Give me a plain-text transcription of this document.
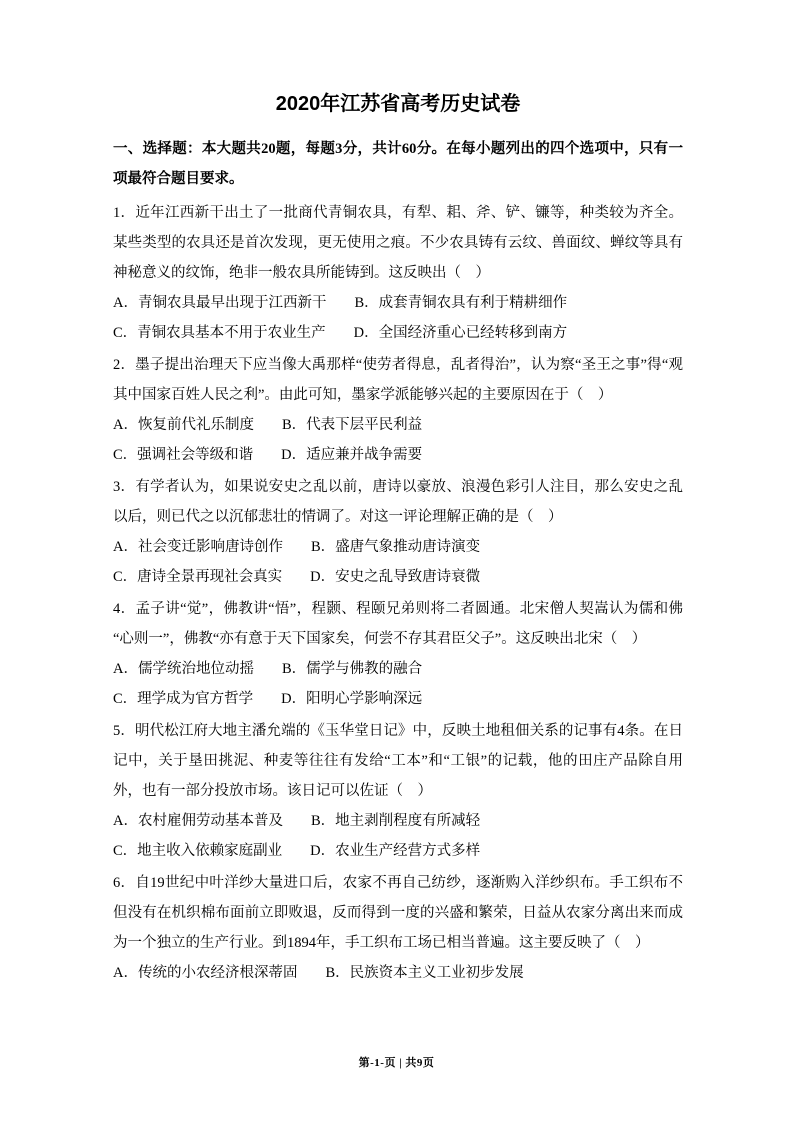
2020年江苏省高考历史试卷

一、选择题：本大题共20题，每题3分，共计60分。在每小题列出的四个选项中，只有一项最符合题目要求。

1．近年江西新干出土了一批商代青铜农具，有犁、耜、斧、铲、镰等，种类较为齐全。某些类型的农具还是首次发现，更无使用之痕。不少农具铸有云纹、兽面纹、蝉纹等具有神秘意义的纹饰，绝非一般农具所能铸到。这反映出（　）

A．青铜农具最早出现于江西新干 B．成套青铜农具有利于精耕细作
C．青铜农具基本不用于农业生产 D．全国经济重心已经转移到南方

2．墨子提出治理天下应当像大禹那样“使劳者得息，乱者得治”，认为察“圣王之事”得“观其中国家百姓人民之利”。由此可知，墨家学派能够兴起的主要原因在于（　）

A．恢复前代礼乐制度 B．代表下层平民利益
C．强调社会等级和谐 D．适应兼并战争需要

3．有学者认为，如果说安史之乱以前，唐诗以豪放、浪漫色彩引人注目，那么安史之乱以后，则已代之以沉郁悲壮的情调了。对这一评论理解正确的是（　）

A．社会变迁影响唐诗创作 B．盛唐气象推动唐诗演变
C．唐诗全景再现社会真实 D．安史之乱导致唐诗衰微

4．孟子讲“觉”，佛教讲“悟”，程颢、程颐兄弟则将二者圆通。北宋僧人契嵩认为儒和佛“心则一”，佛教“亦有意于天下国家矣，何尝不存其君臣父子”。这反映出北宋（　）

A．儒学统治地位动摇 B．儒学与佛教的融合
C．理学成为官方哲学 D．阳明心学影响深远

5．明代松江府大地主潘允端的《玉华堂日记》中，反映土地租佃关系的记事有4条。在日记中，关于垦田挑泥、种麦等往往有发给“工本”和“工银”的记载，他的田庄产品除自用外，也有一部分投放市场。该日记可以佐证（　）

A．农村雇佣劳动基本普及 B．地主剥削程度有所减轻
C．地主收入依赖家庭副业 D．农业生产经营方式多样

6．自19世纪中叶洋纱大量进口后，农家不再自己纺纱，逐渐购入洋纱织布。手工织布不但没有在机织棉布面前立即败退，反而得到一度的兴盛和繁荣，日益从农家分离出来而成为一个独立的生产行业。到1894年，手工织布工场已相当普遍。这主要反映了（　）

A．传统的小农经济根深蒂固 B．民族资本主义工业初步发展
第-1-页 | 共9页
